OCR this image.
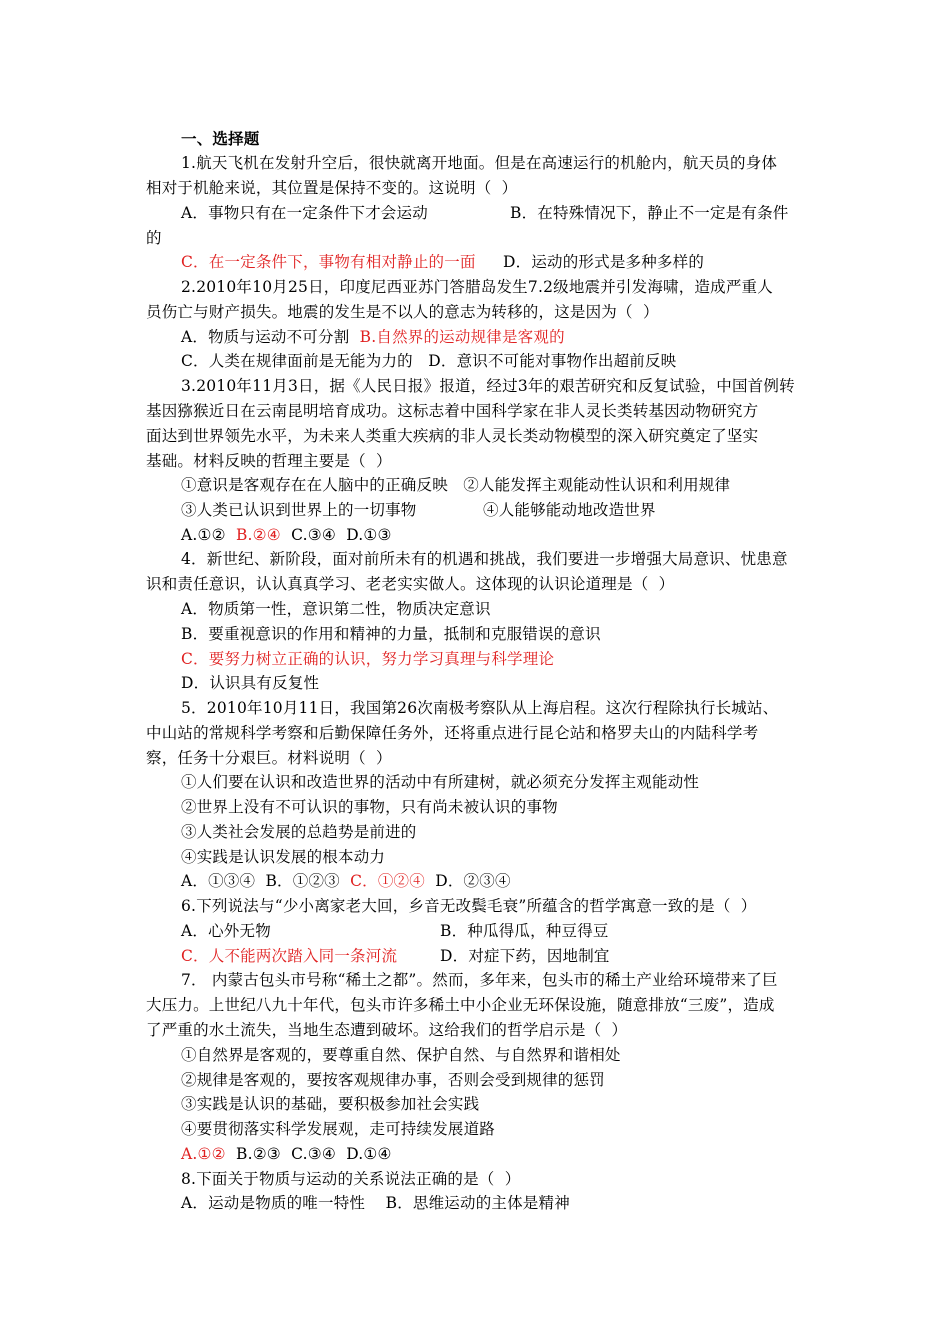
一、选择题
1.航天飞机在发射升空后，很快就离开地面。但是在高速运行的机舱内，航天员的身体
相对于机舱来说，其位置是保持不变的。这说明（  ）
A．事物只有在一定条件下才会运动	B．在特殊情况下，静止不一定是有条件
的
C．在一定条件下，事物有相对静止的一面 D．运动的形式是多种多样的
2.2010年10月25日，印度尼西亚苏门答腊岛发生7.2级地震并引发海啸，造成严重人
员伤亡与财产损失。地震的发生是不以人的意志为转移的，这是因为（  ）
A．物质与运动不可分割  B.自然界的运动规律是客观的
C．人类在规律面前是无能为力的   D．意识不可能对事物作出超前反映
3.2010年11月3日，据《人民日报》报道，经过3年的艰苦研究和反复试验，中国首例转
基因猕猴近日在云南昆明培育成功。这标志着中国科学家在非人灵长类转基因动物研究方
面达到世界领先水平，为未来人类重大疾病的非人灵长类动物模型的深入研究奠定了坚实
基础。材料反映的哲理主要是（  ）
①意识是客观存在在人脑中的正确反映   ②人能发挥主观能动性认识和利用规律
③人类已认识到世界上的一切事物	④人能够能动地改造世界
A.①②  B.②④  C.③④  D.①③
4．新世纪、新阶段，面对前所未有的机遇和挑战，我们要进一步增强大局意识、忧患意
识和责任意识，认认真真学习、老老实实做人。这体现的认识论道理是（  ）
A．物质第一性，意识第二性，物质决定意识
B．要重视意识的作用和精神的力量，抵制和克服错误的意识
C．要努力树立正确的认识，努力学习真理与科学理论
D．认识具有反复性
5．2010年10月11日，我国第26次南极考察队从上海启程。这次行程除执行长城站、
中山站的常规科学考察和后勤保障任务外，还将重点进行昆仑站和格罗夫山的内陆科学考
察，任务十分艰巨。材料说明（  ）
①人们要在认识和改造世界的活动中有所建树，就必须充分发挥主观能动性
②世界上没有不可认识的事物，只有尚未被认识的事物
③人类社会发展的总趋势是前进的
④实践是认识发展的根本动力
A．①③④  B．①②③  C．①②④  D．②③④
6.下列说法与“少小离家老大回，乡音无改鬓毛衰”所蕴含的哲学寓意一致的是（  ）
A．心外无物	B．种瓜得瓜，种豆得豆
C．人不能两次踏入同一条河流	D．对症下药，因地制宜
7． 内蒙古包头市号称“稀土之都”。然而，多年来，包头市的稀土产业给环境带来了巨
大压力。上世纪八九十年代，包头市许多稀土中小企业无环保设施，随意排放“三废”，造成
了严重的水土流失，当地生态遭到破坏。这给我们的哲学启示是（  ）
①自然界是客观的，要尊重自然、保护自然、与自然界和谐相处
②规律是客观的，要按客观规律办事，否则会受到规律的惩罚
③实践是认识的基础，要积极参加社会实践
④要贯彻落实科学发展观，走可持续发展道路
A.①②  B.②③  C.③④  D.①④
8.下面关于物质与运动的关系说法正确的是（  ）
A．运动是物质的唯一特性    B．思维运动的主体是精神
